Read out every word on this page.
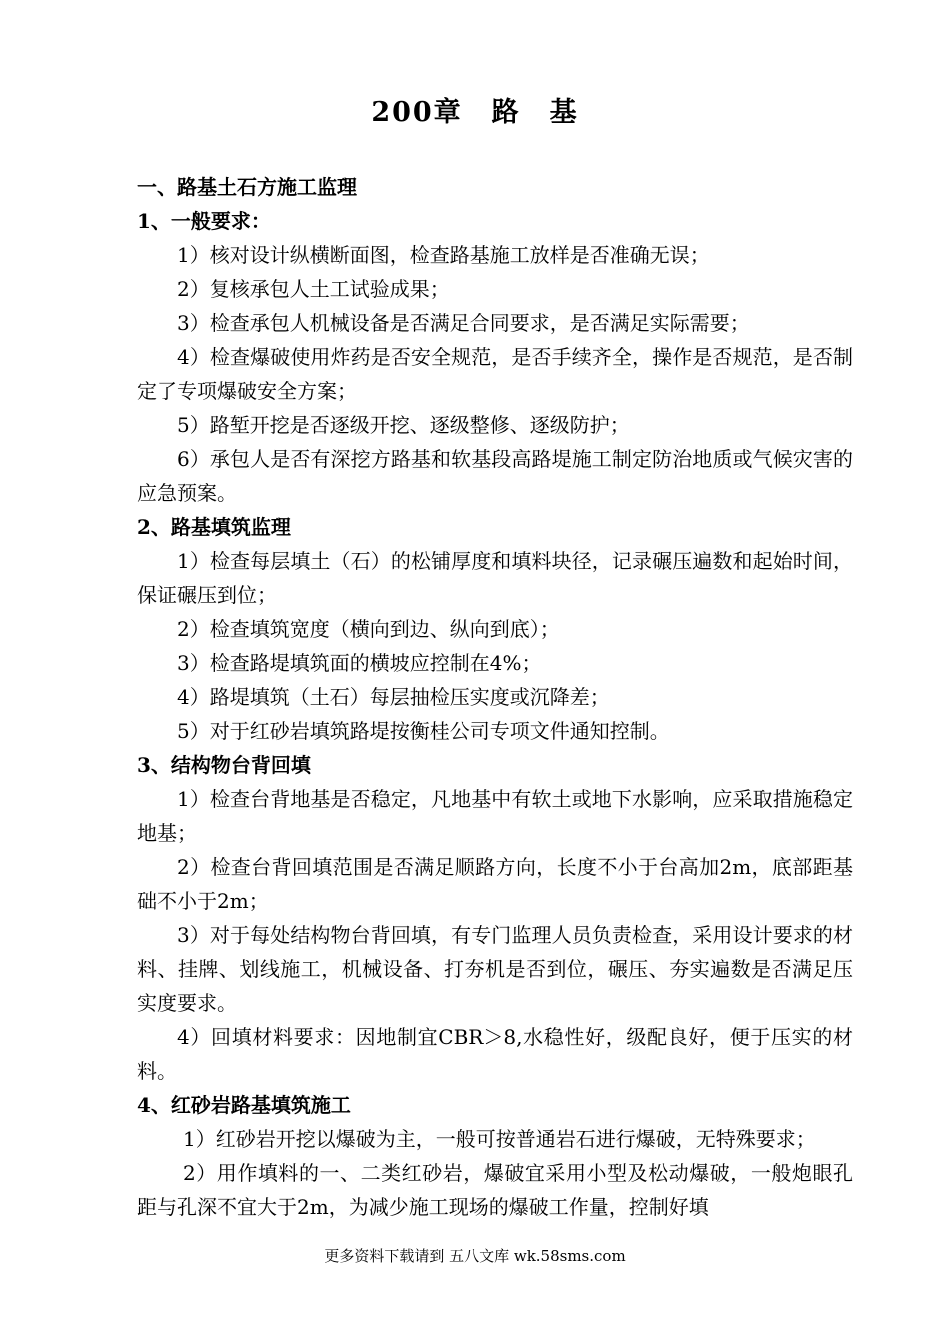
200章　路　基

一、路基土石方施工监理

1、一般要求：

1）核对设计纵横断面图，检查路基施工放样是否准确无误；

2）复核承包人土工试验成果；

3）检查承包人机械设备是否满足合同要求，是否满足实际需要；

4）检查爆破使用炸药是否安全规范，是否手续齐全，操作是否规范，是否制定了专项爆破安全方案；

5）路堑开挖是否逐级开挖、逐级整修、逐级防护；

6）承包人是否有深挖方路基和软基段高路堤施工制定防治地质或气候灾害的应急预案。

2、路基填筑监理

1）检查每层填土（石）的松铺厚度和填料块径，记录碾压遍数和起始时间，保证碾压到位；

2）检查填筑宽度（横向到边、纵向到底）；

3）检查路堤填筑面的横坡应控制在4%；

4）路堤填筑（土石）每层抽检压实度或沉降差；

5）对于红砂岩填筑路堤按衡桂公司专项文件通知控制。

3、结构物台背回填

1）检查台背地基是否稳定，凡地基中有软土或地下水影响，应采取措施稳定地基；

2）检查台背回填范围是否满足顺路方向，长度不小于台高加2m，底部距基础不小于2m；

3）对于每处结构物台背回填，有专门监理人员负责检查，采用设计要求的材料、挂牌、划线施工，机械设备、打夯机是否到位，碾压、夯实遍数是否满足压实度要求。

4）回填材料要求：因地制宜CBR＞8,水稳性好，级配良好，便于压实的材料。

4、红砂岩路基填筑施工

1）红砂岩开挖以爆破为主，一般可按普通岩石进行爆破，无特殊要求；

2）用作填料的一、二类红砂岩，爆破宜采用小型及松动爆破，一般炮眼孔距与孔深不宜大于2m，为减少施工现场的爆破工作量，控制好填

更多资料下载请到 五八文库 wk.58sms.com
